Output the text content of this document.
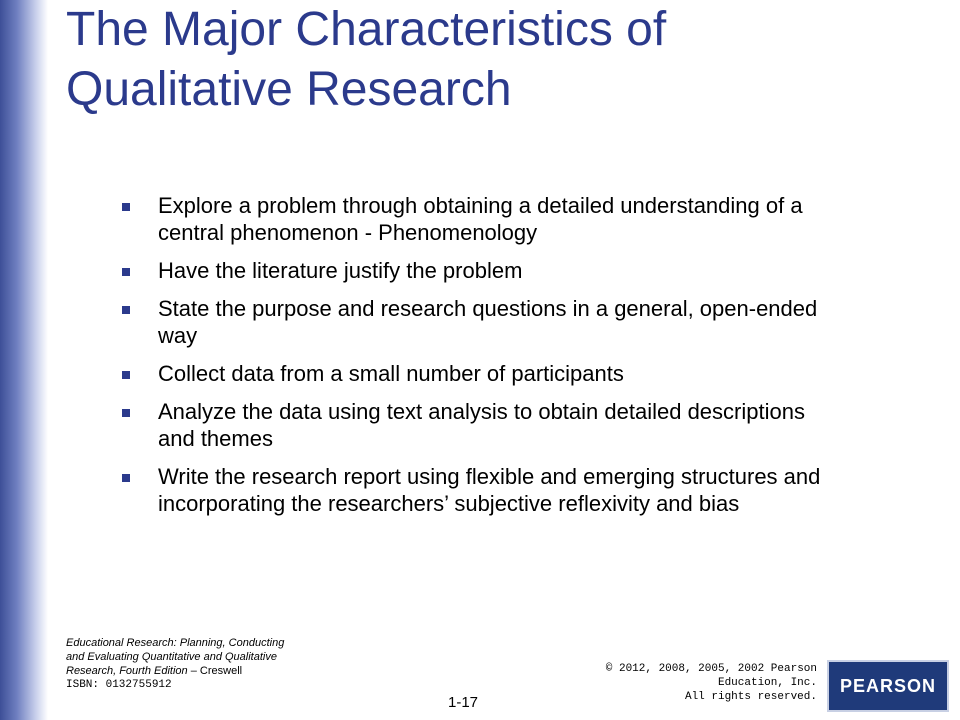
The Major Characteristics of
Qualitative Research
Explore a problem through obtaining a detailed understanding of a central phenomenon - Phenomenology
Have the literature justify the problem
State the purpose and research questions in a general, open-ended way
Collect data from a small number of participants
Analyze the data using text analysis to obtain detailed descriptions and themes
Write the research report using flexible and emerging structures and incorporating the researchers’ subjective reflexivity and bias
Educational Research: Planning, Conducting
and Evaluating Quantitative and Qualitative
Research, Fourth Edition – Creswell
ISBN: 0132755912
1-17
© 2012, 2008, 2005, 2002 Pearson
Education, Inc.
All rights reserved.
PEARSON
